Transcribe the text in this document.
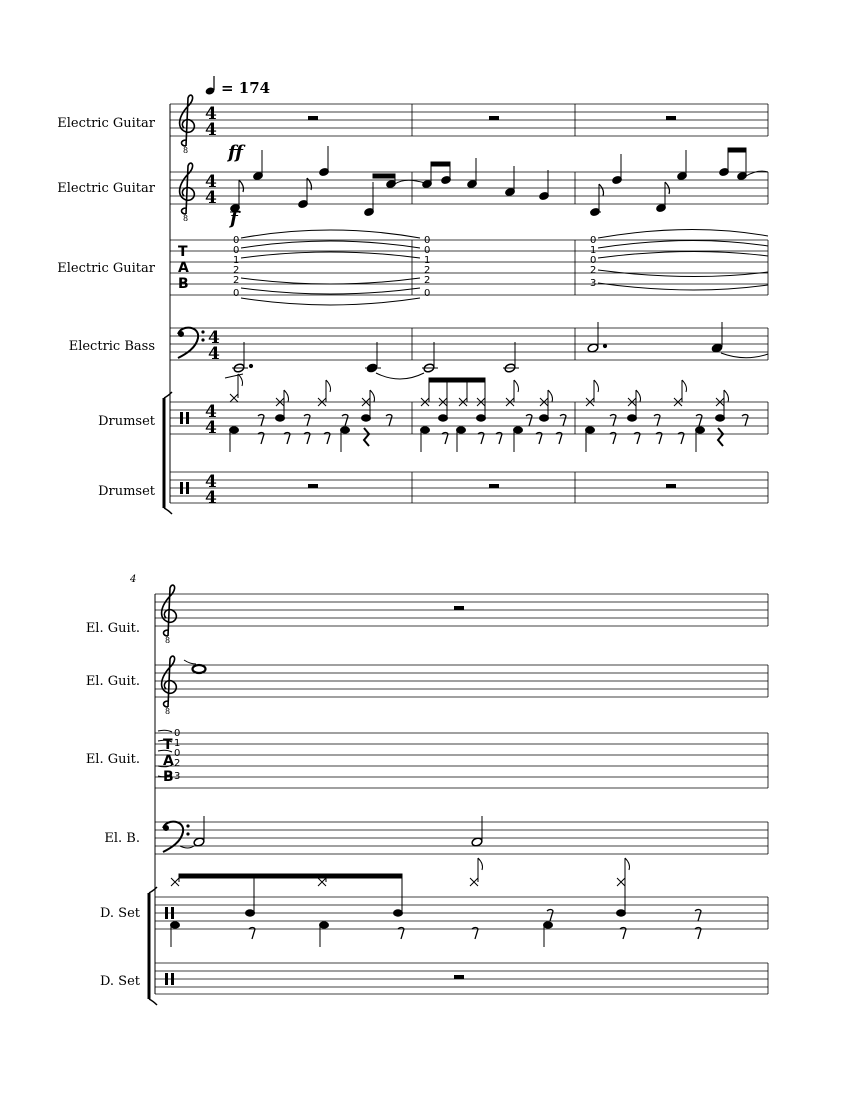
= 174
Electric Guitar
Electric Guitar
Electric Guitar
Electric Bass
Drumset
Drumset
8
4
4
ff
8
4
4
f
T
A
B
0
0
1
2
2
0
0
0
1
2
2
0
0
1
0
2
3
4
4
4
4
4
4
4
El. Guit.
El. Guit.
El. Guit.
El. B.
D. Set
D. Set
8
8
T
A
B
0
1
0
2
3
